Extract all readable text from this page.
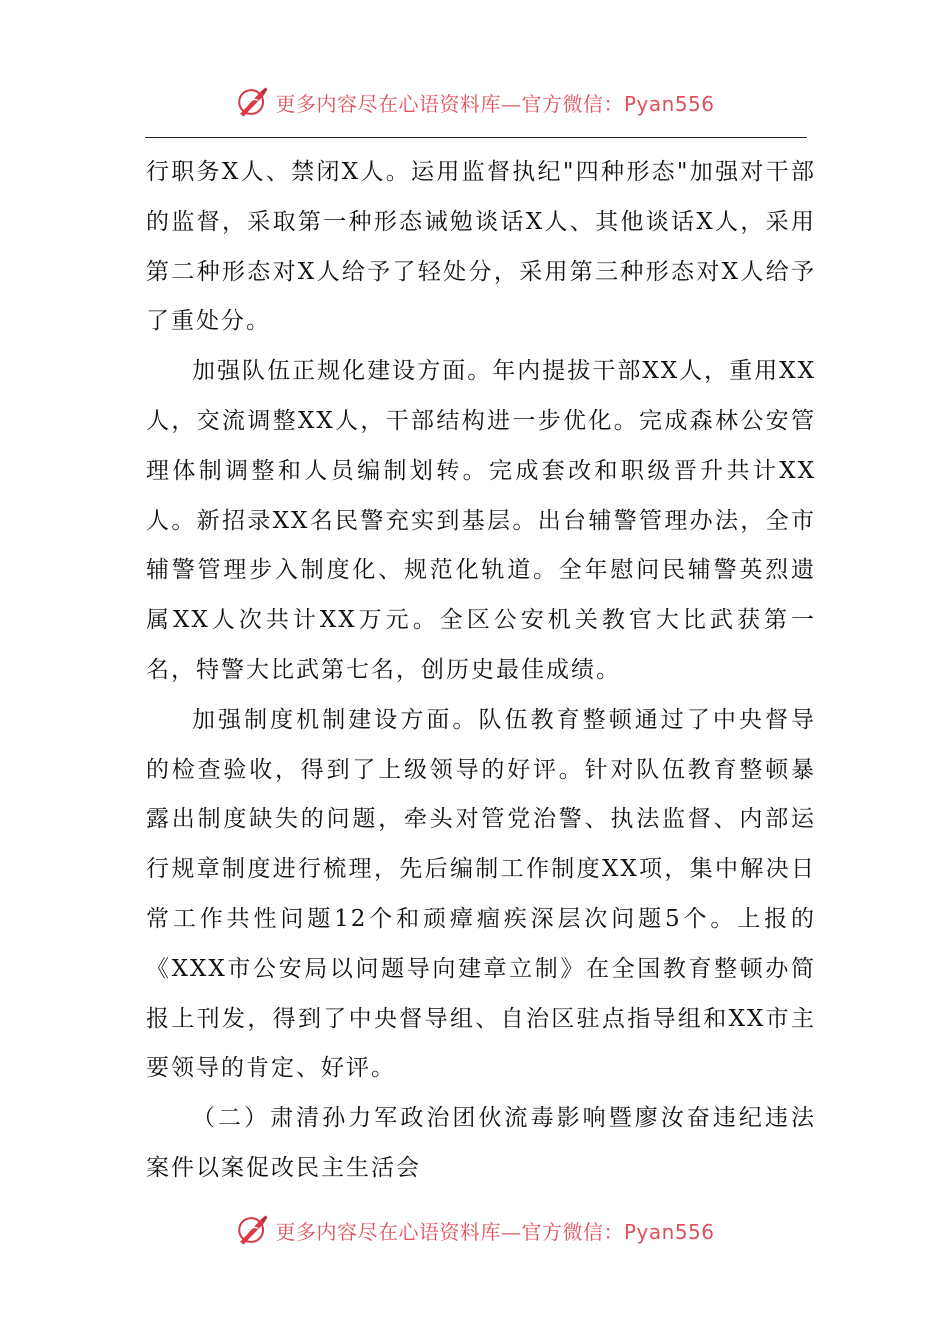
更多内容尽在心语资料库—官方微信：Pyan556

行职务X人、禁闭X人。运用监督执纪"四种形态"加强对干部的监督，采取第一种形态诫勉谈话X人、其他谈话X人，采用第二种形态对X人给予了轻处分，采用第三种形态对X人给予了重处分。

加强队伍正规化建设方面。年内提拔干部XX人，重用XX人，交流调整XX人，干部结构进一步优化。完成森林公安管理体制调整和人员编制划转。完成套改和职级晋升共计XX人。新招录XX名民警充实到基层。出台辅警管理办法，全市辅警管理步入制度化、规范化轨道。全年慰问民辅警英烈遗属XX人次共计XX万元。全区公安机关教官大比武获第一名，特警大比武第七名，创历史最佳成绩。

加强制度机制建设方面。队伍教育整顿通过了中央督导的检查验收，得到了上级领导的好评。针对队伍教育整顿暴露出制度缺失的问题，牵头对管党治警、执法监督、内部运行规章制度进行梳理，先后编制工作制度XX项，集中解决日常工作共性问题12个和顽瘴痼疾深层次问题5个。上报的《XXX市公安局以问题导向建章立制》在全国教育整顿办简报上刊发，得到了中央督导组、自治区驻点指导组和XX市主要领导的肯定、好评。

（二）肃清孙力军政治团伙流毒影响暨廖汝奋违纪违法案件以案促改民主生活会

更多内容尽在心语资料库—官方微信：Pyan556
